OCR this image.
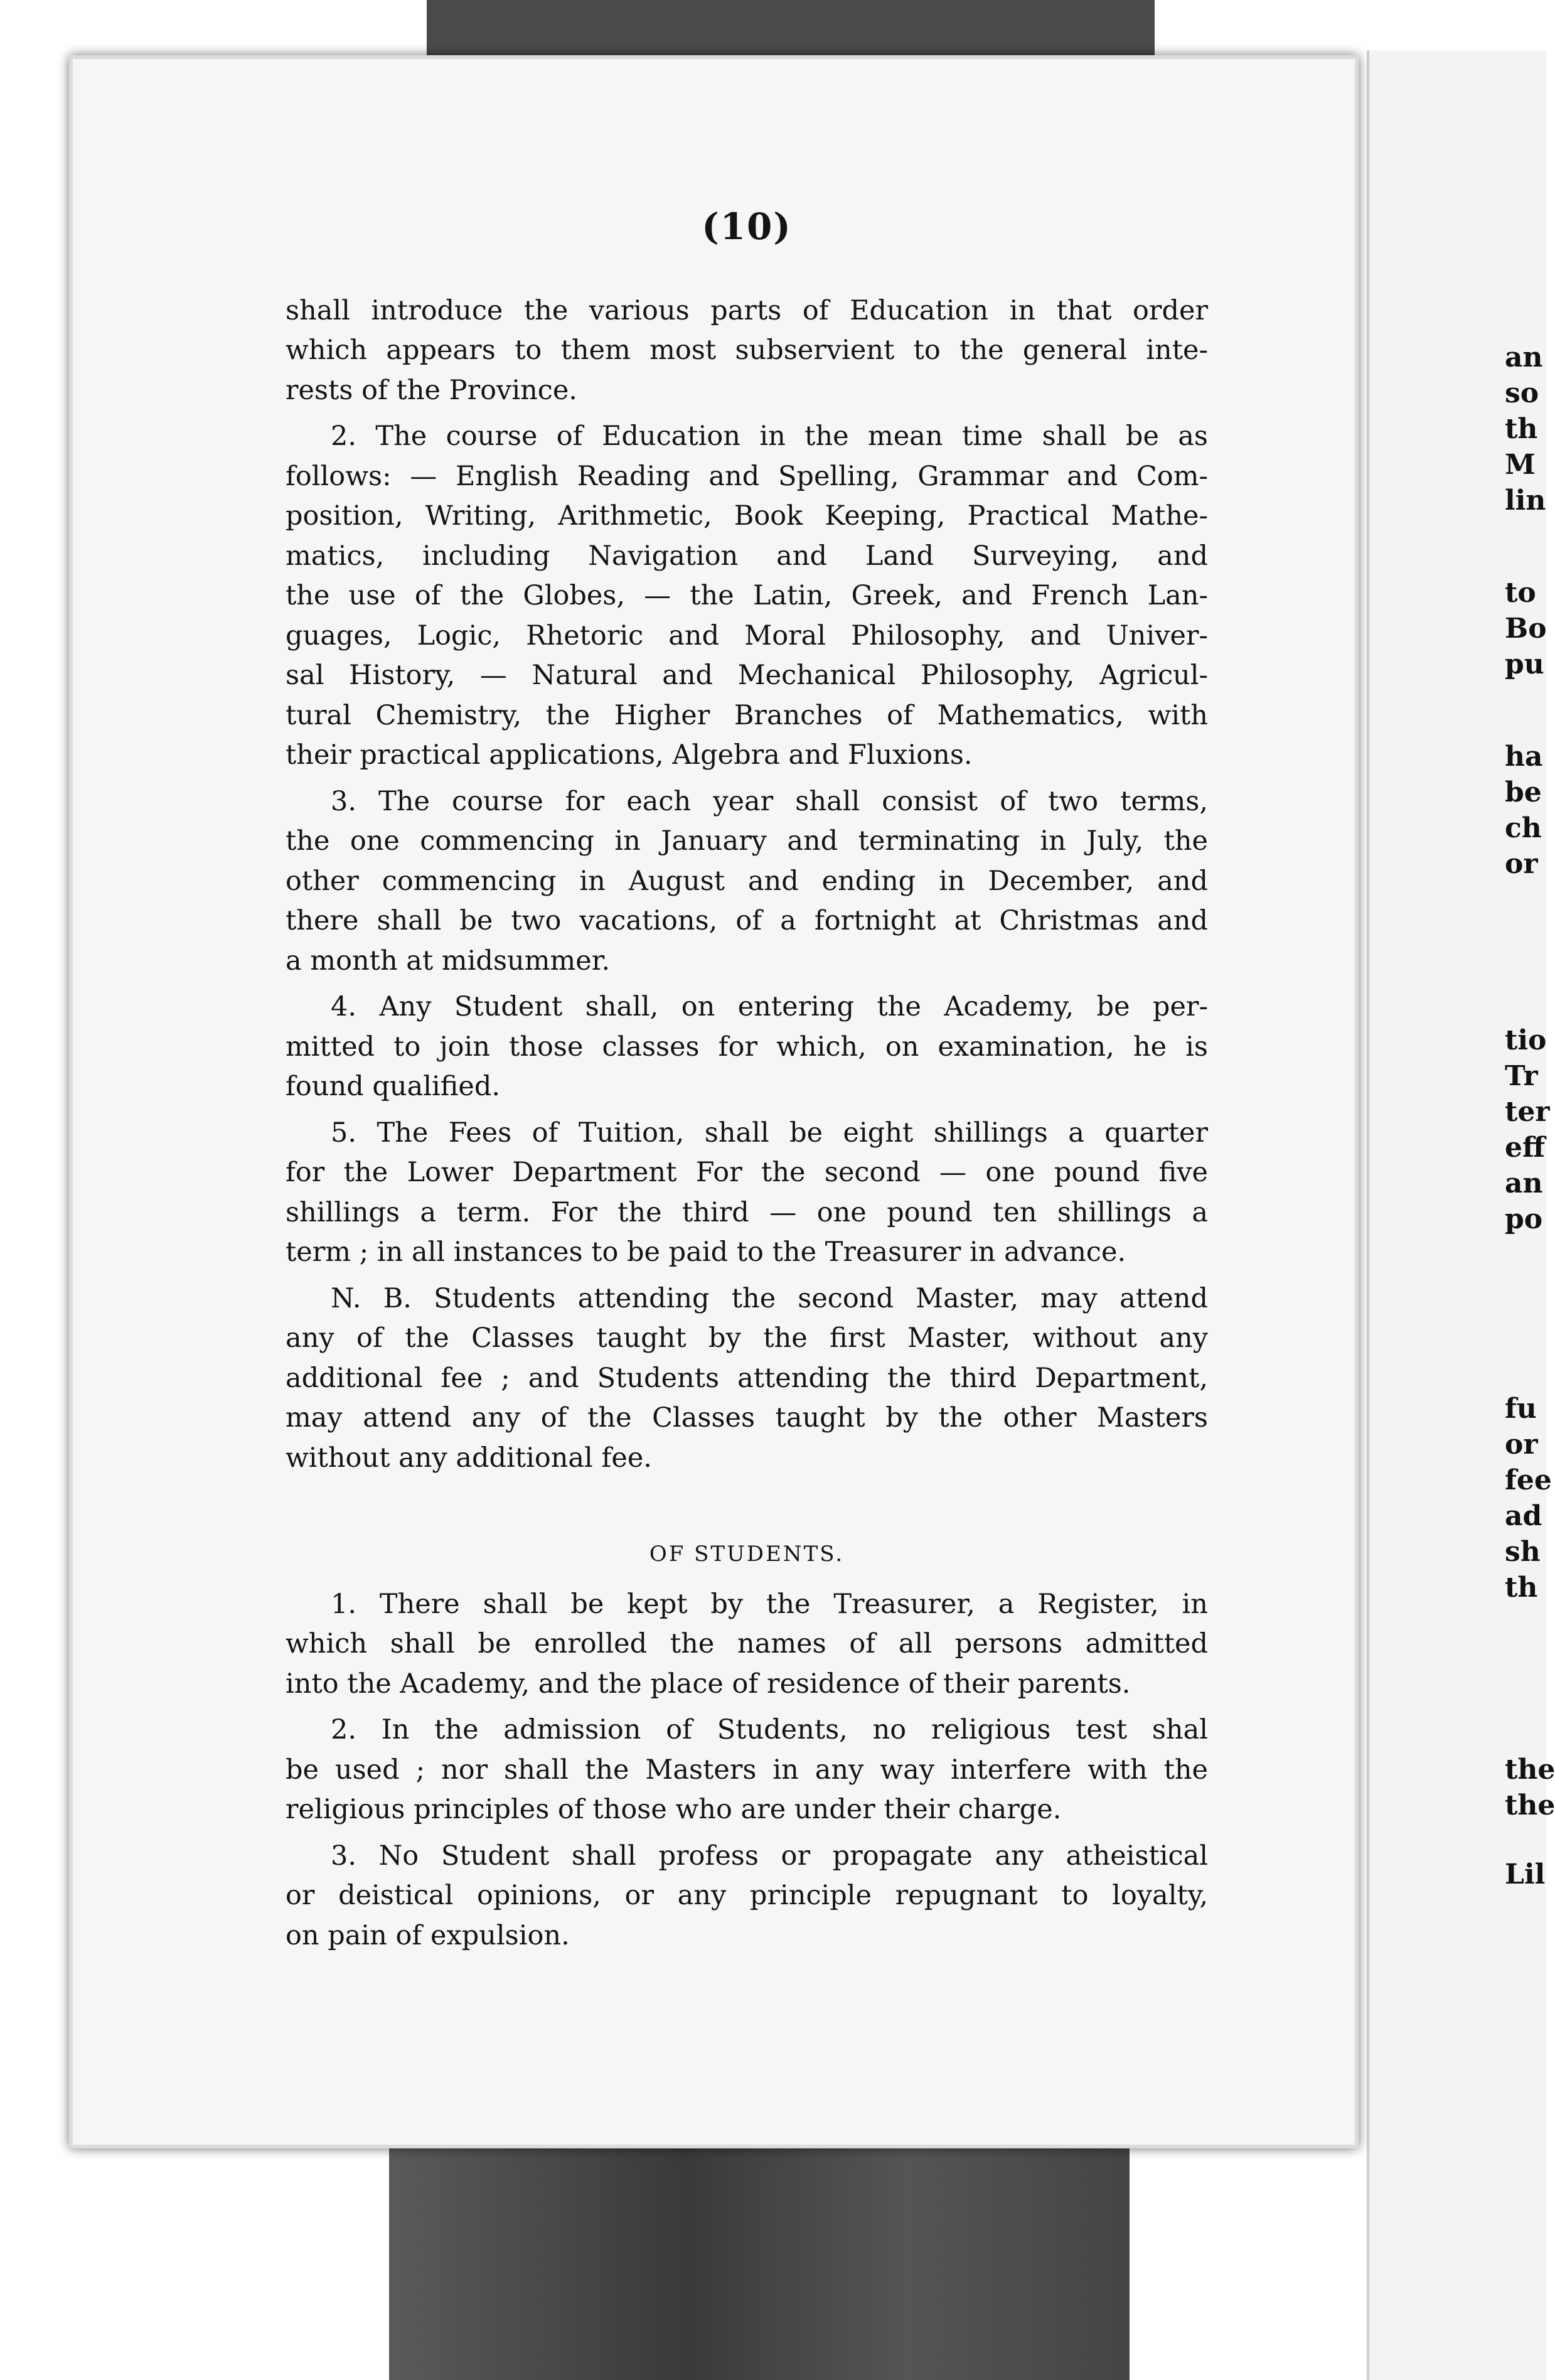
an
so
th
M
lin
to
Bo
pu
ha
be
ch
or
tio
Tr
ter
eff
an
po
fu
or
fee
ad
sh
th
the
the
Lil
(10)
shall introduce the various parts of Education in that order
which appears to them most subservient to the general inte-
rests of the Province.
2. The course of Education in the mean time shall be as
follows: — English Reading and Spelling, Grammar and Com-
position, Writing, Arithmetic, Book Keeping, Practical Mathe-
matics, including Navigation and Land Surveying, and
the use of the Globes, — the Latin, Greek, and French Lan-
guages, Logic, Rhetoric and Moral Philosophy, and Univer-
sal History, — Natural and Mechanical Philosophy, Agricul-
tural Chemistry, the Higher Branches of Mathematics, with
their practical applications, Algebra and Fluxions.
3. The course for each year shall consist of two terms,
the one commencing in January and terminating in July, the
other commencing in August and ending in December, and
there shall be two vacations, of a fortnight at Christmas and
a month at midsummer.
4. Any Student shall, on entering the Academy, be per-
mitted to join those classes for which, on examination, he is
found qualified.
5. The Fees of Tuition, shall be eight shillings a quarter
for the Lower Department For the second — one pound five
shillings a term. For the third — one pound ten shillings a
term ; in all instances to be paid to the Treasurer in advance.
N. B. Students attending the second Master, may attend
any of the Classes taught by the first Master, without any
additional fee ; and Students attending the third Department,
may attend any of the Classes taught by the other Masters
without any additional fee.
OF STUDENTS.
1. There shall be kept by the Treasurer, a Register, in
which shall be enrolled the names of all persons admitted
into the Academy, and the place of residence of their parents.
2. In the admission of Students, no religious test shal
be used ; nor shall the Masters in any way interfere with the
religious principles of those who are under their charge.
3. No Student shall profess or propagate any atheistical
or deistical opinions, or any principle repugnant to loyalty,
on pain of expulsion.
